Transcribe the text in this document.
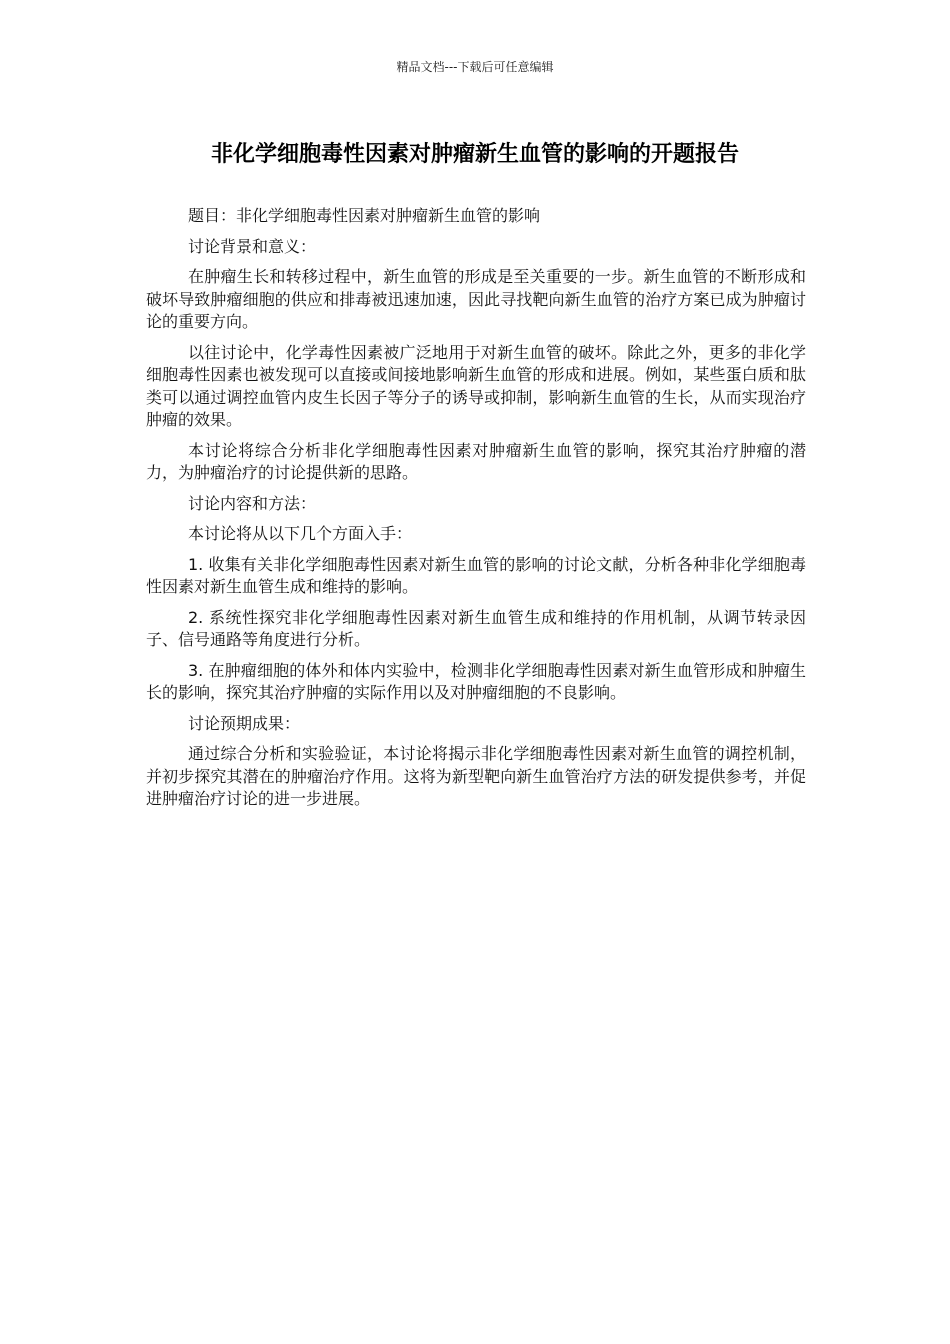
精品文档---下载后可任意编辑
非化学细胞毒性因素对肿瘤新生血管的影响的开题报告

题目：非化学细胞毒性因素对肿瘤新生血管的影响

讨论背景和意义：

在肿瘤生长和转移过程中，新生血管的形成是至关重要的一步。新生血管的不断形成和破坏导致肿瘤细胞的供应和排毒被迅速加速，因此寻找靶向新生血管的治疗方案已成为肿瘤讨论的重要方向。

以往讨论中，化学毒性因素被广泛地用于对新生血管的破坏。除此之外，更多的非化学细胞毒性因素也被发现可以直接或间接地影响新生血管的形成和进展。例如，某些蛋白质和肽类可以通过调控血管内皮生长因子等分子的诱导或抑制，影响新生血管的生长，从而实现治疗肿瘤的效果。

本讨论将综合分析非化学细胞毒性因素对肿瘤新生血管的影响，探究其治疗肿瘤的潜力，为肿瘤治疗的讨论提供新的思路。

讨论内容和方法：

本讨论将从以下几个方面入手：

1. 收集有关非化学细胞毒性因素对新生血管的影响的讨论文献，分析各种非化学细胞毒性因素对新生血管生成和维持的影响。

2. 系统性探究非化学细胞毒性因素对新生血管生成和维持的作用机制，从调节转录因子、信号通路等角度进行分析。

3. 在肿瘤细胞的体外和体内实验中，检测非化学细胞毒性因素对新生血管形成和肿瘤生长的影响，探究其治疗肿瘤的实际作用以及对肿瘤细胞的不良影响。

讨论预期成果：

通过综合分析和实验验证，本讨论将揭示非化学细胞毒性因素对新生血管的调控机制，并初步探究其潜在的肿瘤治疗作用。这将为新型靶向新生血管治疗方法的研发提供参考，并促进肿瘤治疗讨论的进一步进展。
